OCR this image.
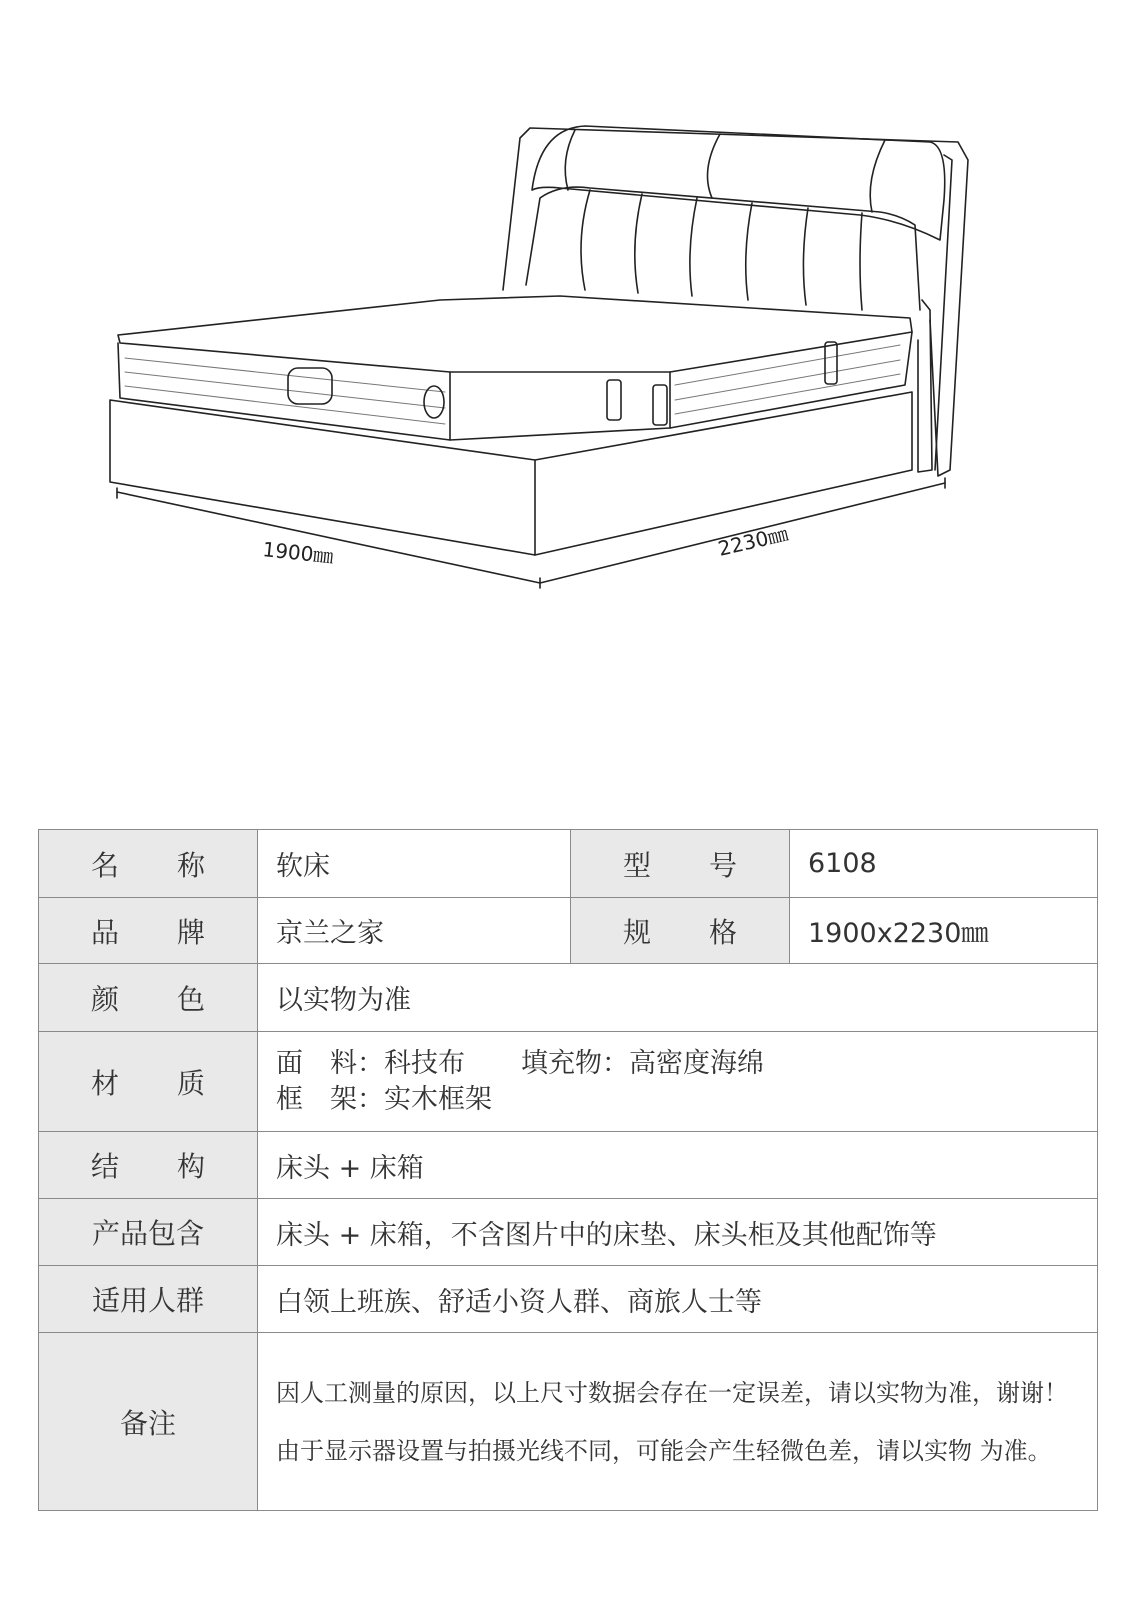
1900㎜	2230㎜
名 称	软床	型 号	6108

品 牌	京兰之家	规 格	1900x2230㎜

颜 色	以实物为准		

材 质	面　料：科技布 填充物：高密度海绵
框　架：实木框架		

结 构	床头 + 床箱		
产品包含	床头 + 床箱，不含图片中的床垫、床头柜及其他配饰等		
适用人群	白领上班族、舒适小资人群、商旅人士等		
备注	因人工测量的原因，以上尺寸数据会存在一定误差，请以实物为准，谢谢！
由于显示器设置与拍摄光线不同，可能会产生轻微色差，请以实物 为准。		
